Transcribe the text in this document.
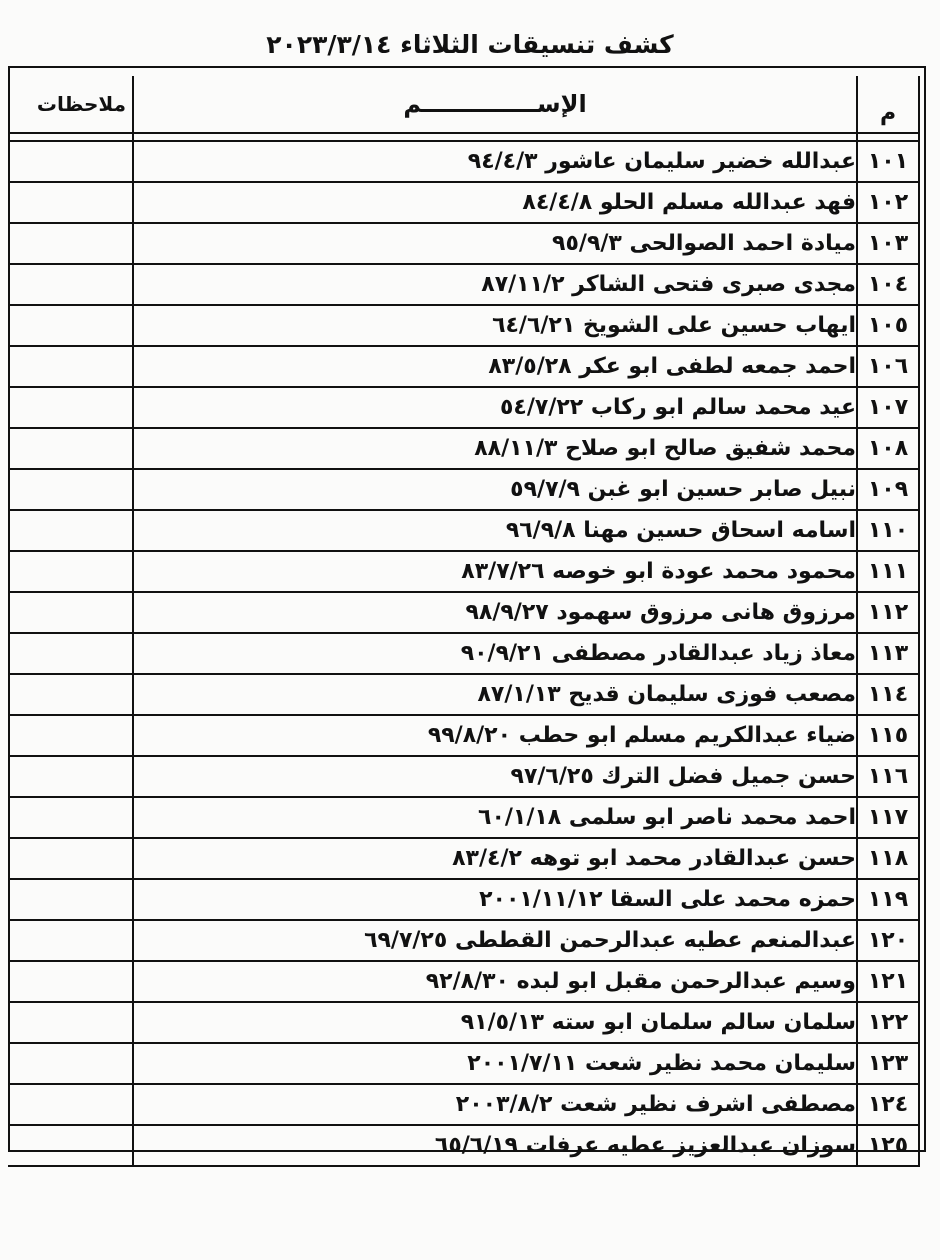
كشف تنسيقات الثلاثاء ٢٠٢٣/٣/١٤
م	الإســــــــــــــم	ملاحظات

١٠١	عبدالله خضير سليمان عاشور ٩٤/٤/٣	
١٠٢	فهد عبدالله مسلم الحلو ٨٤/٤/٨	
١٠٣	ميادة احمد الصوالحى ٩٥/٩/٣	
١٠٤	مجدى صبرى فتحى الشاكر ٨٧/١١/٢	
١٠٥	ايهاب حسين على الشويخ ٦٤/٦/٢١	
١٠٦	احمد جمعه لطفى ابو عكر ٨٣/٥/٢٨	
١٠٧	عيد محمد سالم ابو ركاب ٥٤/٧/٢٢	
١٠٨	محمد شفيق صالح ابو صلاح ٨٨/١١/٣	
١٠٩	نبيل صابر حسين ابو غبن ٥٩/٧/٩	
١١٠	اسامه اسحاق حسين مهنا ٩٦/٩/٨	
١١١	محمود محمد عودة ابو خوصه ٨٣/٧/٢٦	
١١٢	مرزوق هانى مرزوق سهمود ٩٨/٩/٢٧	
١١٣	معاذ زياد عبدالقادر مصطفى ٩٠/٩/٢١	
١١٤	مصعب فوزى سليمان قديح ٨٧/١/١٣	
١١٥	ضياء عبدالكريم مسلم ابو حطب ٩٩/٨/٢٠	
١١٦	حسن جميل فضل الترك ٩٧/٦/٢٥	
١١٧	احمد محمد ناصر ابو سلمى ٦٠/١/١٨	
١١٨	حسن عبدالقادر محمد ابو توهه ٨٣/٤/٢	
١١٩	حمزه محمد على السقا ٢٠٠١/١١/١٢	
١٢٠	عبدالمنعم عطيه عبدالرحمن القططى ٦٩/٧/٢٥	
١٢١	وسيم عبدالرحمن مقبل ابو لبده ٩٢/٨/٣٠	
١٢٢	سلمان سالم سلمان ابو سته ٩١/٥/١٣	
١٢٣	سليمان محمد نظير شعت ٢٠٠١/٧/١١	
١٢٤	مصطفى اشرف نظير شعت ٢٠٠٣/٨/٢	
١٢٥	سوزان عبدالعزيز عطيه عرفات ٦٥/٦/١٩	
